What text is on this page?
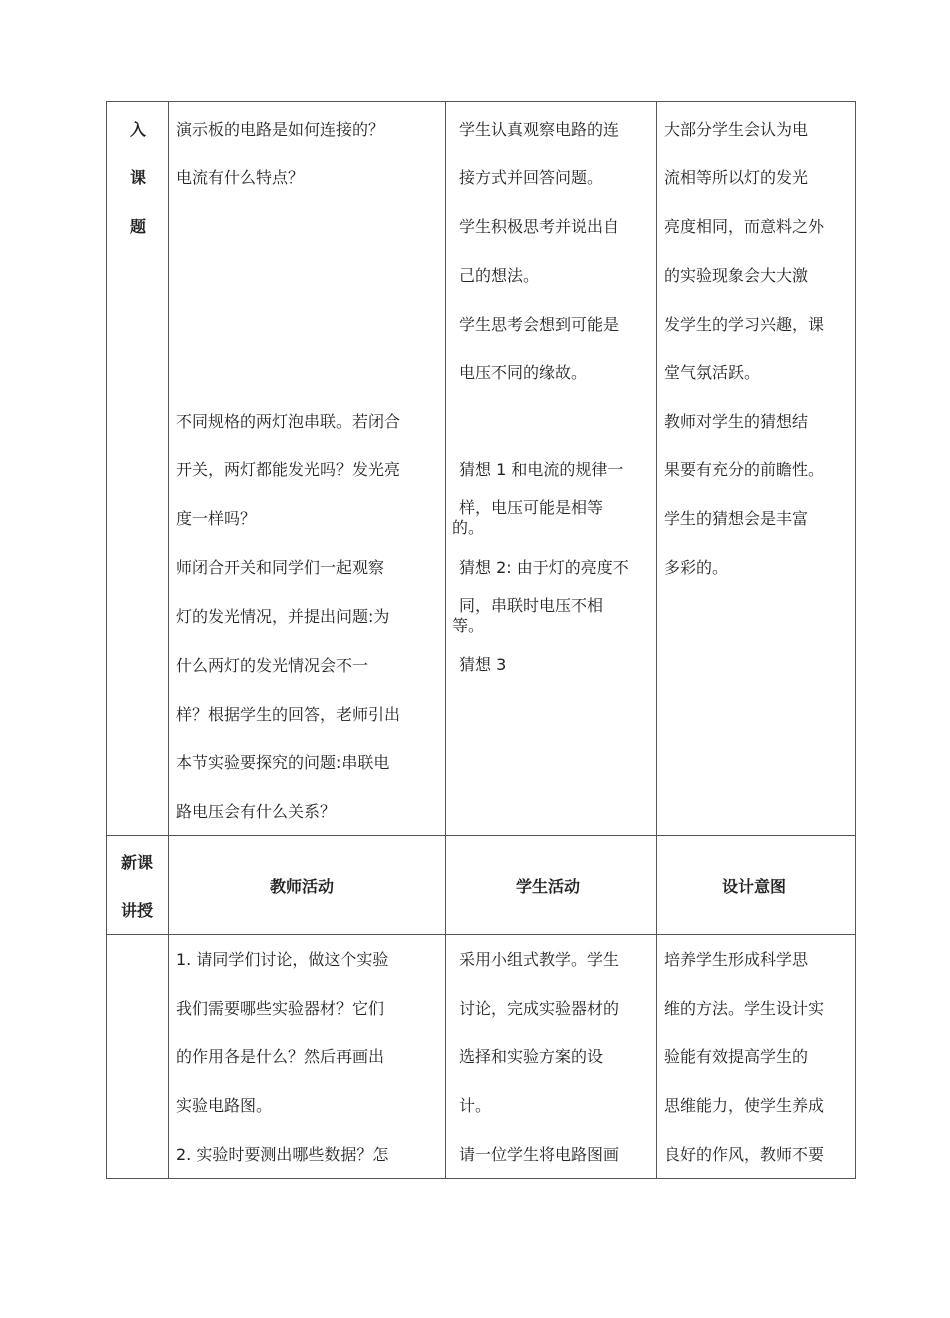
入
课
题
演示板的电路是如何连接的？
电流有什么特点？
不同规格的两灯泡串联。若闭合
开关，两灯都能发光吗？发光亮
度一样吗？
师闭合开关和同学们一起观察
灯的发光情况，并提出问题:为
什么两灯的发光情况会不一
样？根据学生的回答，老师引出
本节实验要探究的问题:串联电
路电压会有什么关系？
学生认真观察电路的连
接方式并回答问题。
学生积极思考并说出自
己的想法。
学生思考会想到可能是
电压不同的缘故。
猜想 1 和电流的规律一
样，电压可能是相等
的。
猜想 2: 由于灯的亮度不
同，串联时电压不相
等。
猜想 3
大部分学生会认为电
流相等所以灯的发光
亮度相同，而意料之外
的实验现象会大大激
发学生的学习兴趣，课
堂气氛活跃。
教师对学生的猜想结
果要有充分的前瞻性。
学生的猜想会是丰富
多彩的。
新课
讲授
教师活动	学生活动	设计意图
1. 请同学们讨论，做这个实验
我们需要哪些实验器材？它们
的作用各是什么？然后再画出
实验电路图。
2. 实验时要测出哪些数据？怎
采用小组式教学。学生
讨论，完成实验器材的
选择和实验方案的设
计。
请一位学生将电路图画
培养学生形成科学思
维的方法。学生设计实
验能有效提高学生的
思维能力，使学生养成
良好的作风，教师不要
